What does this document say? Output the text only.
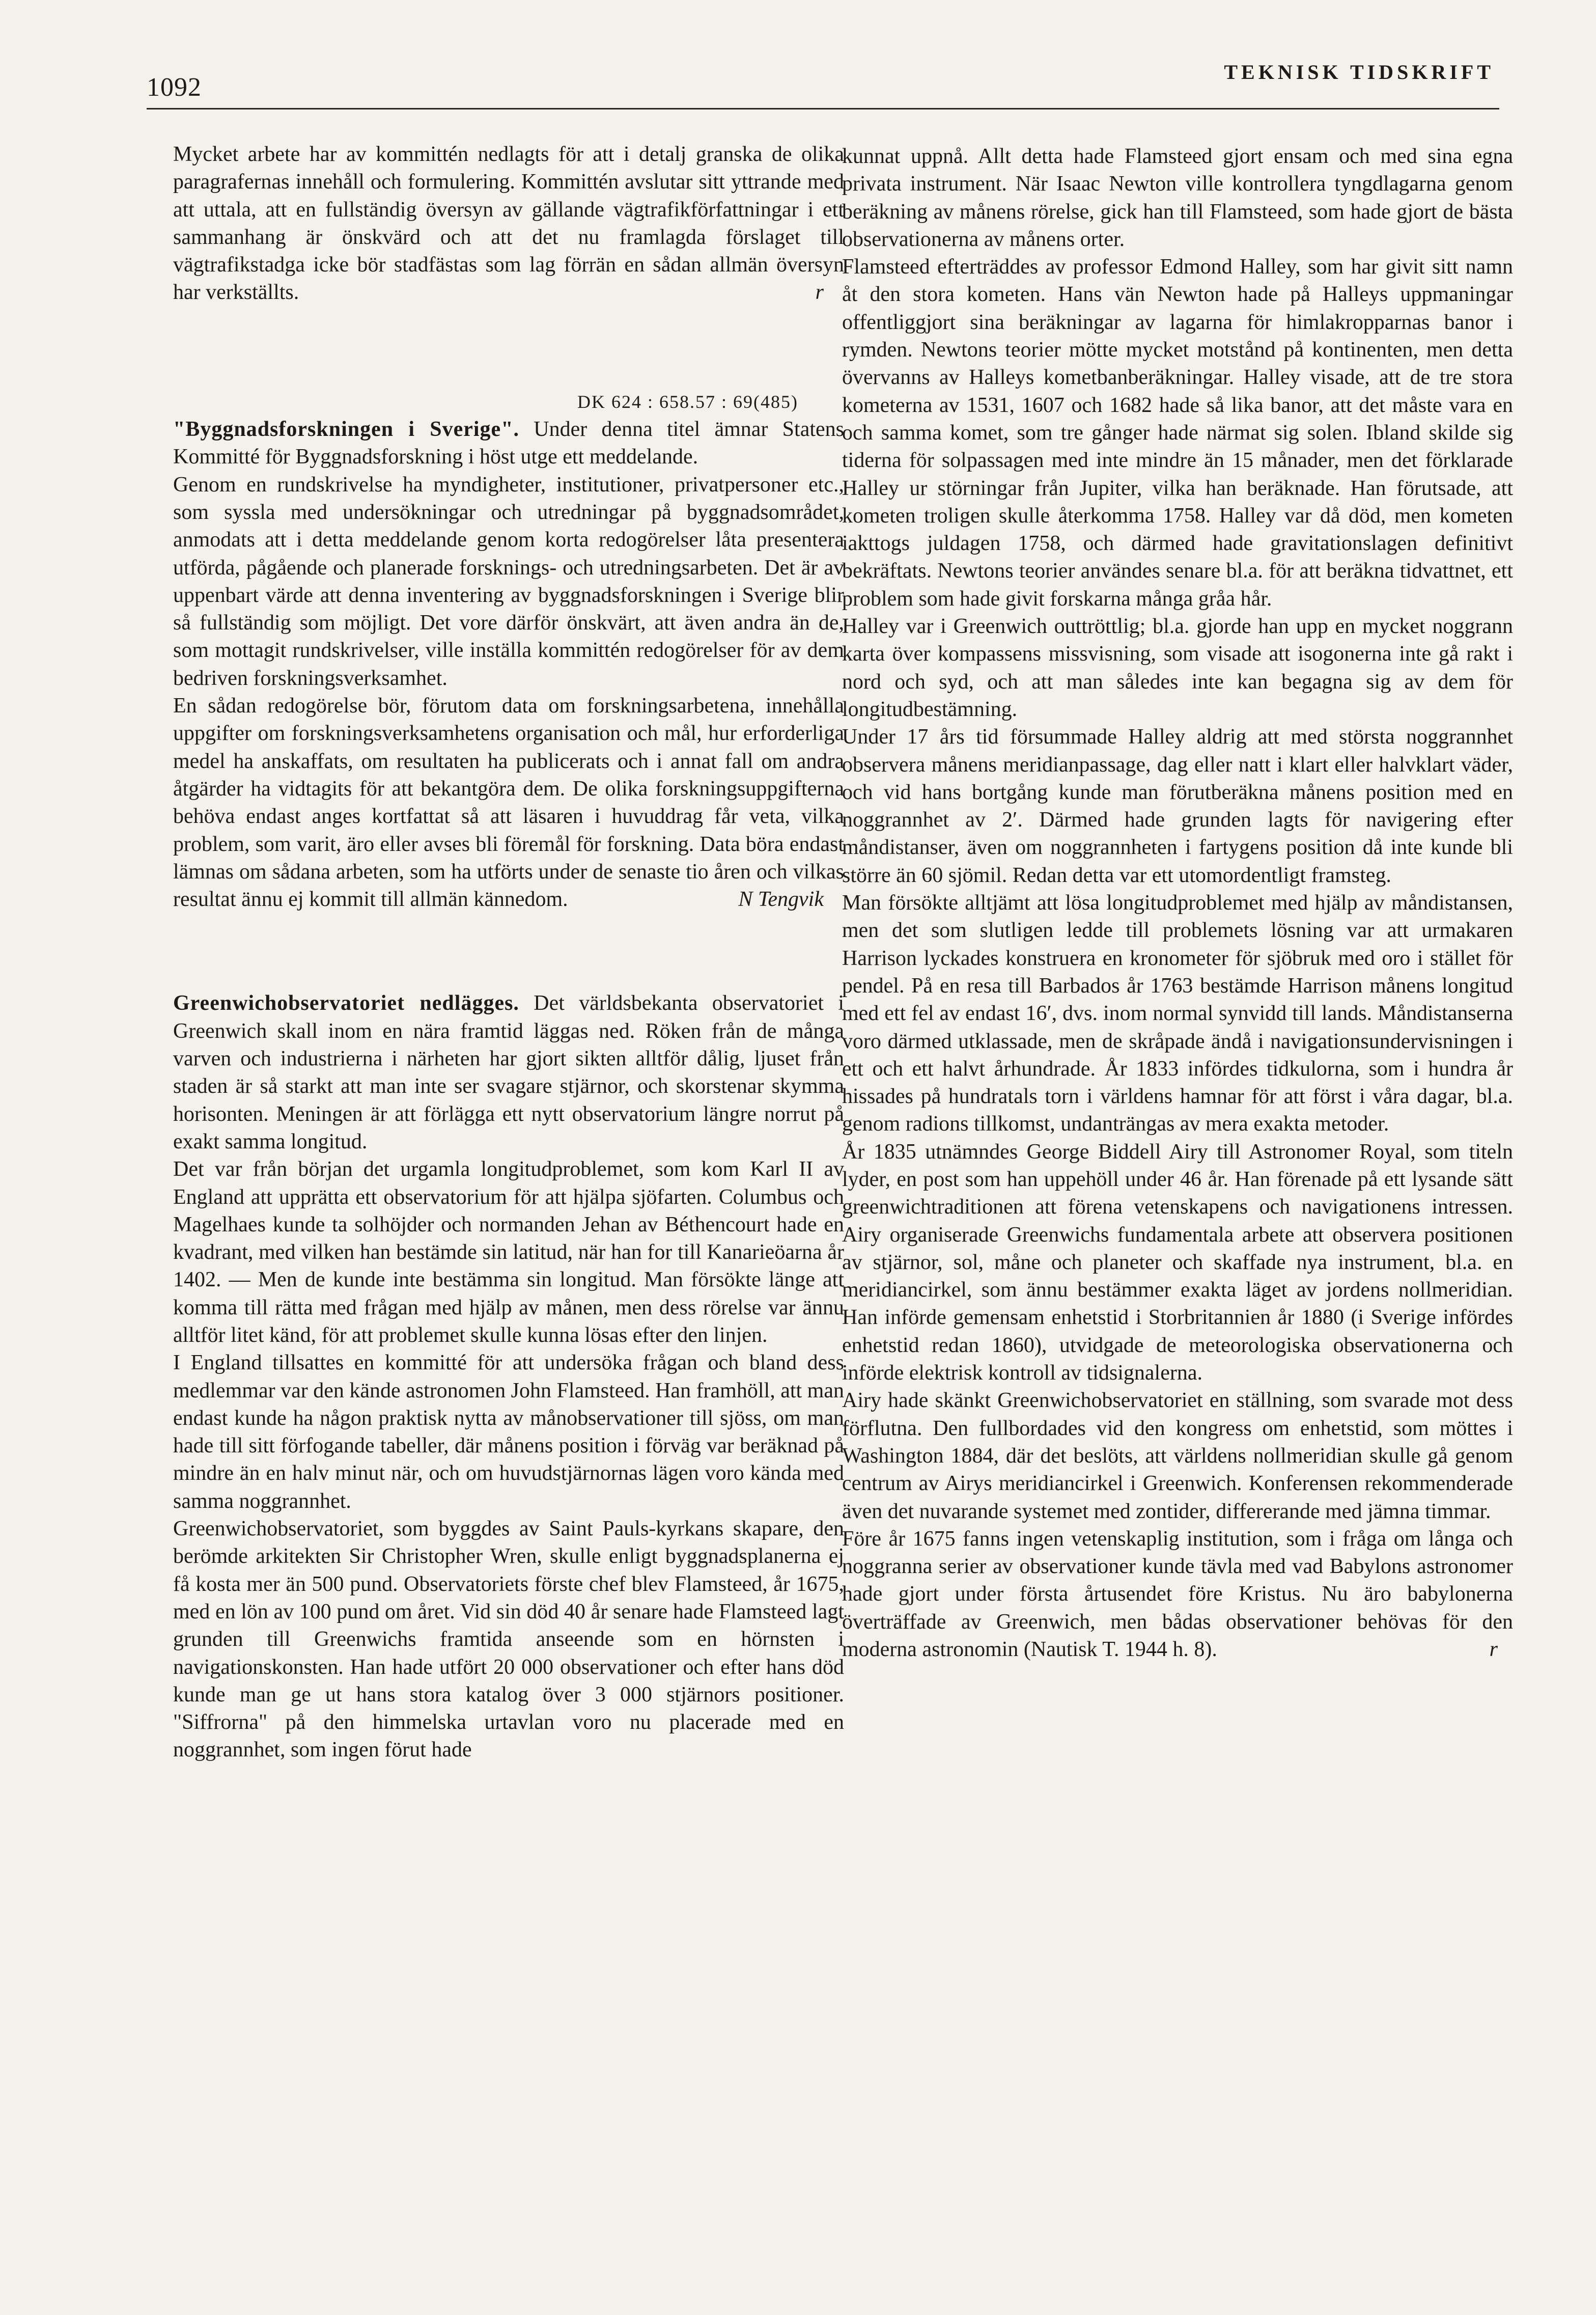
1092
TEKNISK TIDSKRIFT

Mycket arbete har av kommittén nedlagts för att i detalj granska de olika paragrafernas innehåll och formulering. Kommittén avslutar sitt yttrande med att uttala, att en fullständig översyn av gällande vägtrafikförfattningar i ett sammanhang är önskvärd och att det nu framlagda förslaget till vägtrafikstadga icke bör stadfästas som lag förrän en sådan allmän översyn har verkställts.	r

DK 624 : 658.57 : 69(485)

"Byggnadsforskningen i Sverige". Under denna titel ämnar Statens Kommitté för Byggnadsforskning i höst utge ett meddelande.

Genom en rundskrivelse ha myndigheter, institutioner, privatpersoner etc., som syssla med undersökningar och utredningar på byggnadsområdet, anmodats att i detta meddelande genom korta redogörelser låta presentera utförda, pågående och planerade forsknings- och utredningsarbeten. Det är av uppenbart värde att denna inventering av byggnadsforskningen i Sverige blir så fullständig som möjligt. Det vore därför önskvärt, att även andra än de, som mottagit rundskrivelser, ville inställa kommittén redogörelser för av dem bedriven forskningsverksamhet.

En sådan redogörelse bör, förutom data om forskningsarbetena, innehålla uppgifter om forskningsverksamhetens organisation och mål, hur erforderliga medel ha anskaffats, om resultaten ha publicerats och i annat fall om andra åtgärder ha vidtagits för att bekantgöra dem. De olika forskningsuppgifterna behöva endast anges kortfattat så att läsaren i huvuddrag får veta, vilka problem, som varit, äro eller avses bli föremål för forskning. Data böra endast lämnas om sådana arbeten, som ha utförts under de senaste tio åren och vilkas resultat ännu ej kommit till allmän kännedom.	N Tengvik

Greenwichobservatoriet nedlägges. Det världsbekanta observatoriet i Greenwich skall inom en nära framtid läggas ned. Röken från de många varven och industrierna i närheten har gjort sikten alltför dålig, ljuset från staden är så starkt att man inte ser svagare stjärnor, och skorstenar skymma horisonten. Meningen är att förlägga ett nytt observatorium längre norrut på exakt samma longitud.

Det var från början det urgamla longitudproblemet, som kom Karl II av England att upprätta ett observatorium för att hjälpa sjöfarten. Columbus och Magelhaes kunde ta solhöjder och normanden Jehan av Béthencourt hade en kvadrant, med vilken han bestämde sin latitud, när han for till Kanarieöarna år 1402. — Men de kunde inte bestämma sin longitud. Man försökte länge att komma till rätta med frågan med hjälp av månen, men dess rörelse var ännu alltför litet känd, för att problemet skulle kunna lösas efter den linjen.

I England tillsattes en kommitté för att undersöka frågan och bland dess medlemmar var den kände astronomen John Flamsteed. Han framhöll, att man endast kunde ha någon praktisk nytta av månobservationer till sjöss, om man hade till sitt förfogande tabeller, där månens position i förväg var beräknad på mindre än en halv minut när, och om huvudstjärnornas lägen voro kända med samma noggrannhet.

Greenwichobservatoriet, som byggdes av Saint Pauls-kyrkans skapare, den berömde arkitekten Sir Christopher Wren, skulle enligt byggnadsplanerna ej få kosta mer än 500 pund. Observatoriets förste chef blev Flamsteed, år 1675, med en lön av 100 pund om året. Vid sin död 40 år senare hade Flamsteed lagt grunden till Greenwichs framtida anseende som en hörnsten i navigationskonsten. Han hade utfört 20 000 observationer och efter hans död kunde man ge ut hans stora katalog över 3 000 stjärnors positioner. "Siffrorna" på den himmelska urtavlan voro nu placerade med en noggrannhet, som ingen förut hade

kunnat uppnå. Allt detta hade Flamsteed gjort ensam och med sina egna privata instrument. När Isaac Newton ville kontrollera tyngdlagarna genom beräkning av månens rörelse, gick han till Flamsteed, som hade gjort de bästa observationerna av månens orter.

Flamsteed efterträddes av professor Edmond Halley, som har givit sitt namn åt den stora kometen. Hans vän Newton hade på Halleys uppmaningar offentliggjort sina beräkningar av lagarna för himlakropparnas banor i rymden. Newtons teorier mötte mycket motstånd på kontinenten, men detta övervanns av Halleys kometbanberäkningar. Halley visade, att de tre stora kometerna av 1531, 1607 och 1682 hade så lika banor, att det måste vara en och samma komet, som tre gånger hade närmat sig solen. Ibland skilde sig tiderna för solpassagen med inte mindre än 15 månader, men det förklarade Halley ur störningar från Jupiter, vilka han beräknade. Han förutsade, att kometen troligen skulle återkomma 1758. Halley var då död, men kometen iakttogs juldagen 1758, och därmed hade gravitationslagen definitivt bekräftats. Newtons teorier användes senare bl.a. för att beräkna tidvattnet, ett problem som hade givit forskarna många gråa hår.

Halley var i Greenwich outtröttlig; bl.a. gjorde han upp en mycket noggrann karta över kompassens missvisning, som visade att isogonerna inte gå rakt i nord och syd, och att man således inte kan begagna sig av dem för longitudbestämning.

Under 17 års tid försummade Halley aldrig att med största noggrannhet observera månens meridianpassage, dag eller natt i klart eller halvklart väder, och vid hans bortgång kunde man förutberäkna månens position med en noggrannhet av 2′. Därmed hade grunden lagts för navigering efter måndistanser, även om noggrannheten i fartygens position då inte kunde bli större än 60 sjömil. Redan detta var ett utomordentligt framsteg.

Man försökte alltjämt att lösa longitudproblemet med hjälp av måndistansen, men det som slutligen ledde till problemets lösning var att urmakaren Harrison lyckades konstruera en kronometer för sjöbruk med oro i stället för pendel. På en resa till Barbados år 1763 bestämde Harrison månens longitud med ett fel av endast 16′, dvs. inom normal synvidd till lands. Måndistanserna voro därmed utklassade, men de skråpade ändå i navigationsundervisningen i ett och ett halvt århundrade. År 1833 infördes tidkulorna, som i hundra år hissades på hundratals torn i världens hamnar för att först i våra dagar, bl.a. genom radions tillkomst, undanträngas av mera exakta metoder.

År 1835 utnämndes George Biddell Airy till Astronomer Royal, som titeln lyder, en post som han uppehöll under 46 år. Han förenade på ett lysande sätt greenwichtraditionen att förena vetenskapens och navigationens intressen. Airy organiserade Greenwichs fundamentala arbete att observera positionen av stjärnor, sol, måne och planeter och skaffade nya instrument, bl.a. en meridiancirkel, som ännu bestämmer exakta läget av jordens nollmeridian. Han införde gemensam enhetstid i Storbritannien år 1880 (i Sverige infördes enhetstid redan 1860), utvidgade de meteorologiska observationerna och införde elektrisk kontroll av tidsignalerna.

Airy hade skänkt Greenwichobservatoriet en ställning, som svarade mot dess förflutna. Den fullbordades vid den kongress om enhetstid, som möttes i Washington 1884, där det beslöts, att världens nollmeridian skulle gå genom centrum av Airys meridiancirkel i Greenwich. Konferensen rekommenderade även det nuvarande systemet med zontider, differerande med jämna timmar.

Före år 1675 fanns ingen vetenskaplig institution, som i fråga om långa och noggranna serier av observationer kunde tävla med vad Babylons astronomer hade gjort under första årtusendet före Kristus. Nu äro babylonerna överträffade av Greenwich, men bådas observationer behövas för den moderna astronomin (Nautisk T. 1944 h. 8).	r
